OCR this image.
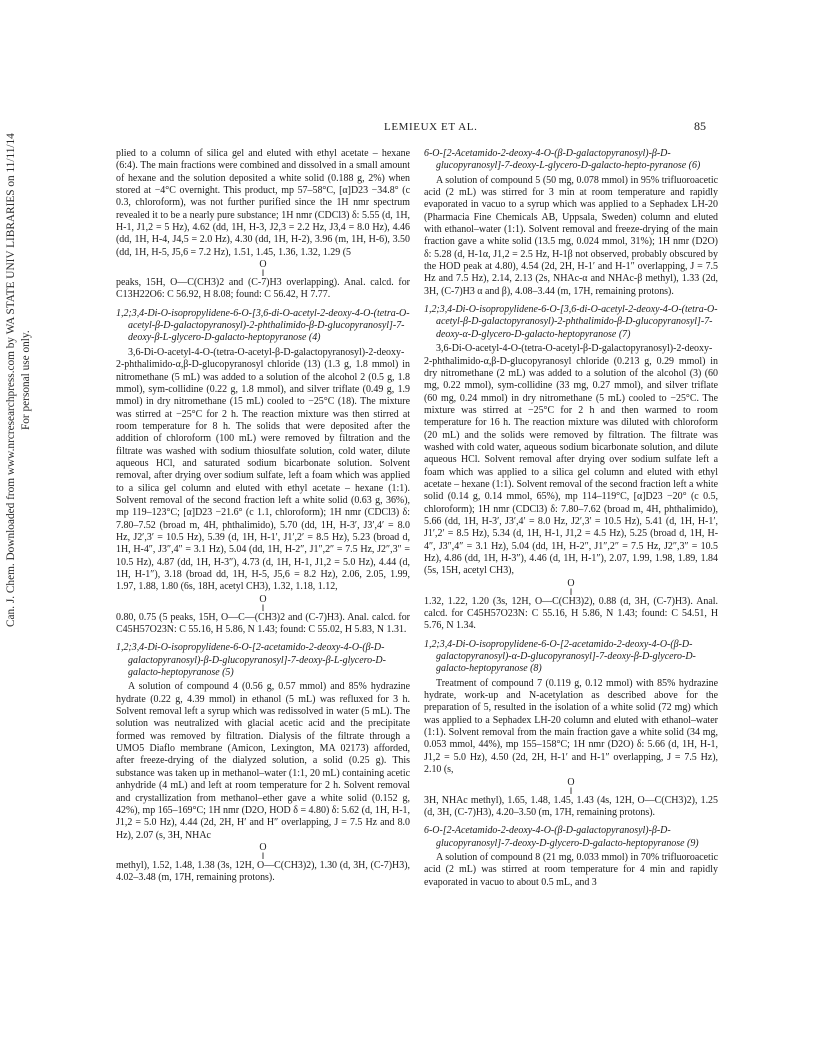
Can. J. Chem. Downloaded from www.nrcresearchpress.com by WA STATE UNIV LIBRARIES on 11/11/14 For personal use only.
LEMIEUX ET AL.	85

plied to a column of silica gel and eluted with ethyl acetate – hexane (6:4). The main fractions were combined and dissolved in a small amount of hexane and the solution deposited a white solid (0.188 g, 2%) when stored at −4°C overnight. This product, mp 57–58°C, [α]D23 −34.8° (c 0.3, chloroform), was not further purified since the 1H nmr spectrum revealed it to be a nearly pure substance; 1H nmr (CDCl3) δ: 5.55 (d, 1H, H-1, J1,2 = 5 Hz), 4.62 (dd, 1H, H-3, J2,3 = 2.2 Hz, J3,4 = 8.0 Hz), 4.46 (dd, 1H, H-4, J4,5 = 2.0 Hz), 4.30 (dd, 1H, H-2), 3.96 (m, 1H, H-6), 3.50 (dd, 1H, H-5, J5,6 = 7.2 Hz), 1.51, 1.45, 1.36, 1.32, 1.29 (5

O
‖

peaks, 15H, O—C(CH3)2 and (C-7)H3 overlapping). Anal. calcd. for C13H22O6: C 56.92, H 8.08; found: C 56.42, H 7.77.

1,2;3,4-Di-O-isopropylidene-6-O-[3,6-di-O-acetyl-2-deoxy-4-O-(tetra-O-acetyl-β-D-galactopyranosyl)-2-phthalimido-β-D-glucopyranosyl]-7-deoxy-β-L-glycero-D-galacto-heptopyranose (4)

3,6-Di-O-acetyl-4-O-(tetra-O-acetyl-β-D-galactopyranosyl)-2-deoxy-2-phthalimido-α,β-D-glucopyranosyl chloride (13) (1.3 g, 1.8 mmol) in nitromethane (5 mL) was added to a solution of the alcohol 2 (0.5 g, 1.8 mmol), sym-collidine (0.22 g, 1.8 mmol), and silver triflate (0.49 g, 1.9 mmol) in dry nitromethane (15 mL) cooled to −25°C (18). The mixture was stirred at −25°C for 2 h. The reaction mixture was then stirred at room temperature for 8 h. The solids that were deposited after the addition of chloroform (100 mL) were removed by filtration and the filtrate was washed with sodium thiosulfate solution, cold water, dilute aqueous HCl, and saturated sodium bicarbonate solution. Solvent removal, after drying over sodium sulfate, left a foam which was applied to a silica gel column and eluted with ethyl acetate – hexane (1:1). Solvent removal of the second fraction left a white solid (0.63 g, 36%), mp 119–123°C; [α]D23 −21.6° (c 1.1, chloroform); 1H nmr (CDCl3) δ: 7.80–7.52 (broad m, 4H, phthalimido), 5.70 (dd, 1H, H-3′, J3′,4′ = 8.0 Hz, J2′,3′ = 10.5 Hz), 5.39 (d, 1H, H-1′, J1′,2′ = 8.5 Hz), 5.23 (broad d, 1H, H-4″, J3″,4″ = 3.1 Hz), 5.04 (dd, 1H, H-2″, J1″,2″ = 7.5 Hz, J2″,3″ = 10.5 Hz), 4.87 (dd, 1H, H-3″), 4.73 (d, 1H, H-1, J1,2 = 5.0 Hz), 4.44 (d, 1H, H-1″), 3.18 (broad dd, 1H, H-5, J5,6 = 8.2 Hz), 2.06, 2.05, 1.99, 1.97, 1.88, 1.80 (6s, 18H, acetyl CH3), 1.32, 1.18, 1.12,

O
‖

0.80, 0.75 (5 peaks, 15H, O—C—(CH3)2 and (C-7)H3). Anal. calcd. for C45H57O23N: C 55.16, H 5.86, N 1.43; found: C 55.02, H 5.83, N 1.31.

1,2;3,4-Di-O-isopropylidene-6-O-[2-acetamido-2-deoxy-4-O-(β-D-galactopyranosyl)-β-D-glucopyranosyl]-7-deoxy-β-L-glycero-D-galacto-heptopyranose (5)

A solution of compound 4 (0.56 g, 0.57 mmol) and 85% hydrazine hydrate (0.22 g, 4.39 mmol) in ethanol (5 mL) was refluxed for 3 h. Solvent removal left a syrup which was redissolved in water (5 mL). The solution was neutralized with glacial acetic acid and the precipitate formed was removed by filtration. Dialysis of the filtrate through a UMO5 Diaflo membrane (Amicon, Lexington, MA 02173) afforded, after freeze-drying of the dialyzed solution, a solid (0.25 g). This substance was taken up in methanol–water (1:1, 20 mL) containing acetic anhydride (4 mL) and left at room temperature for 2 h. Solvent removal and crystallization from methanol–ether gave a white solid (0.152 g, 42%), mp 165–169°C; 1H nmr (D2O, HOD δ = 4.80) δ: 5.62 (d, 1H, H-1, J1,2 = 5.0 Hz), 4.44 (2d, 2H, H′ and H″ overlapping, J = 7.5 Hz and 8.0 Hz), 2.07 (s, 3H, NHAc

O
‖

methyl), 1.52, 1.48, 1.38 (3s, 12H, O—C(CH3)2), 1.30 (d, 3H, (C-7)H3), 4.02–3.48 (m, 17H, remaining protons).

6-O-[2-Acetamido-2-deoxy-4-O-(β-D-galactopyranosyl)-β-D-glucopyranosyl]-7-deoxy-L-glycero-D-galacto-hepto-pyranose (6)

A solution of compound 5 (50 mg, 0.078 mmol) in 95% trifluoroacetic acid (2 mL) was stirred for 3 min at room temperature and rapidly evaporated in vacuo to a syrup which was applied to a Sephadex LH-20 (Pharmacia Fine Chemicals AB, Uppsala, Sweden) column and eluted with ethanol–water (1:1). Solvent removal and freeze-drying of the main fraction gave a white solid (13.5 mg, 0.024 mmol, 31%); 1H nmr (D2O) δ: 5.28 (d, H-1α, J1,2 = 2.5 Hz, H-1β not observed, probably obscured by the HOD peak at 4.80), 4.54 (2d, 2H, H-1′ and H-1″ overlapping, J = 7.5 Hz and 7.5 Hz), 2.14, 2.13 (2s, NHAc-α and NHAc-β methyl), 1.33 (2d, 3H, (C-7)H3 α and β), 4.08–3.44 (m, 17H, remaining protons).

1,2;3,4-Di-O-isopropylidene-6-O-[3,6-di-O-acetyl-2-deoxy-4-O-(tetra-O-acetyl-β-D-galactopyranosyl)-2-phthalimido-β-D-glucopyranosyl]-7-deoxy-α-D-glycero-D-galacto-heptopyranose (7)

3,6-Di-O-acetyl-4-O-(tetra-O-acetyl-β-D-galactopyranosyl)-2-deoxy-2-phthalimido-α,β-D-glucopyranosyl chloride (0.213 g, 0.29 mmol) in dry nitromethane (2 mL) was added to a solution of the alcohol (3) (60 mg, 0.22 mmol), sym-collidine (33 mg, 0.27 mmol), and silver triflate (60 mg, 0.24 mmol) in dry nitromethane (5 mL) cooled to −25°C. The mixture was stirred at −25°C for 2 h and then warmed to room temperature for 16 h. The reaction mixture was diluted with chloroform (20 mL) and the solids were removed by filtration. The filtrate was washed with cold water, aqueous sodium bicarbonate solution, and dilute aqueous HCl. Solvent removal after drying over sodium sulfate left a foam which was applied to a silica gel column and eluted with ethyl acetate – hexane (1:1). Solvent removal of the second fraction left a white solid (0.14 g, 0.14 mmol, 65%), mp 114–119°C, [α]D23 −20° (c 0.5, chloroform); 1H nmr (CDCl3) δ: 7.80–7.62 (broad m, 4H, phthalimido), 5.66 (dd, 1H, H-3′, J3′,4′ = 8.0 Hz, J2′,3′ = 10.5 Hz), 5.41 (d, 1H, H-1′, J1′,2′ = 8.5 Hz), 5.34 (d, 1H, H-1, J1,2 = 4.5 Hz), 5.25 (broad d, 1H, H-4″, J3″,4″ = 3.1 Hz), 5.04 (dd, 1H, H-2″, J1″,2″ = 7.5 Hz, J2″,3″ = 10.5 Hz), 4.86 (dd, 1H, H-3″), 4.46 (d, 1H, H-1″), 2.07, 1.99, 1.98, 1.89, 1.84 (5s, 15H, acetyl CH3),

O
‖

1.32, 1.22, 1.20 (3s, 12H, O—C(CH3)2), 0.88 (d, 3H, (C-7)H3). Anal. calcd. for C45H57O23N: C 55.16, H 5.86, N 1.43; found: C 54.51, H 5.76, N 1.34.

1,2;3,4-Di-O-isopropylidene-6-O-[2-acetamido-2-deoxy-4-O-(β-D-galactopyranosyl)-α-D-glucopyranosyl]-7-deoxy-β-D-glycero-D-galacto-heptopyranose (8)

Treatment of compound 7 (0.119 g, 0.12 mmol) with 85% hydrazine hydrate, work-up and N-acetylation as described above for the preparation of 5, resulted in the isolation of a white solid (72 mg) which was applied to a Sephadex LH-20 column and eluted with ethanol–water (1:1). Solvent removal from the main fraction gave a white solid (34 mg, 0.053 mmol, 44%), mp 155–158°C; 1H nmr (D2O) δ: 5.66 (d, 1H, H-1, J1,2 = 5.0 Hz), 4.50 (2d, 2H, H-1′ and H-1″ overlapping, J = 7.5 Hz), 2.10 (s,

O
‖

3H, NHAc methyl), 1.65, 1.48, 1.45, 1.43 (4s, 12H, O—C(CH3)2), 1.25 (d, 3H, (C-7)H3), 4.20–3.50 (m, 17H, remaining protons).

6-O-[2-Acetamido-2-deoxy-4-O-(β-D-galactopyranosyl)-β-D-glucopyranosyl]-7-deoxy-D-glycero-D-galacto-heptopyranose (9)

A solution of compound 8 (21 mg, 0.033 mmol) in 70% trifluoroacetic acid (2 mL) was stirred at room temperature for 4 min and rapidly evaporated in vacuo to about 0.5 mL, and 3
